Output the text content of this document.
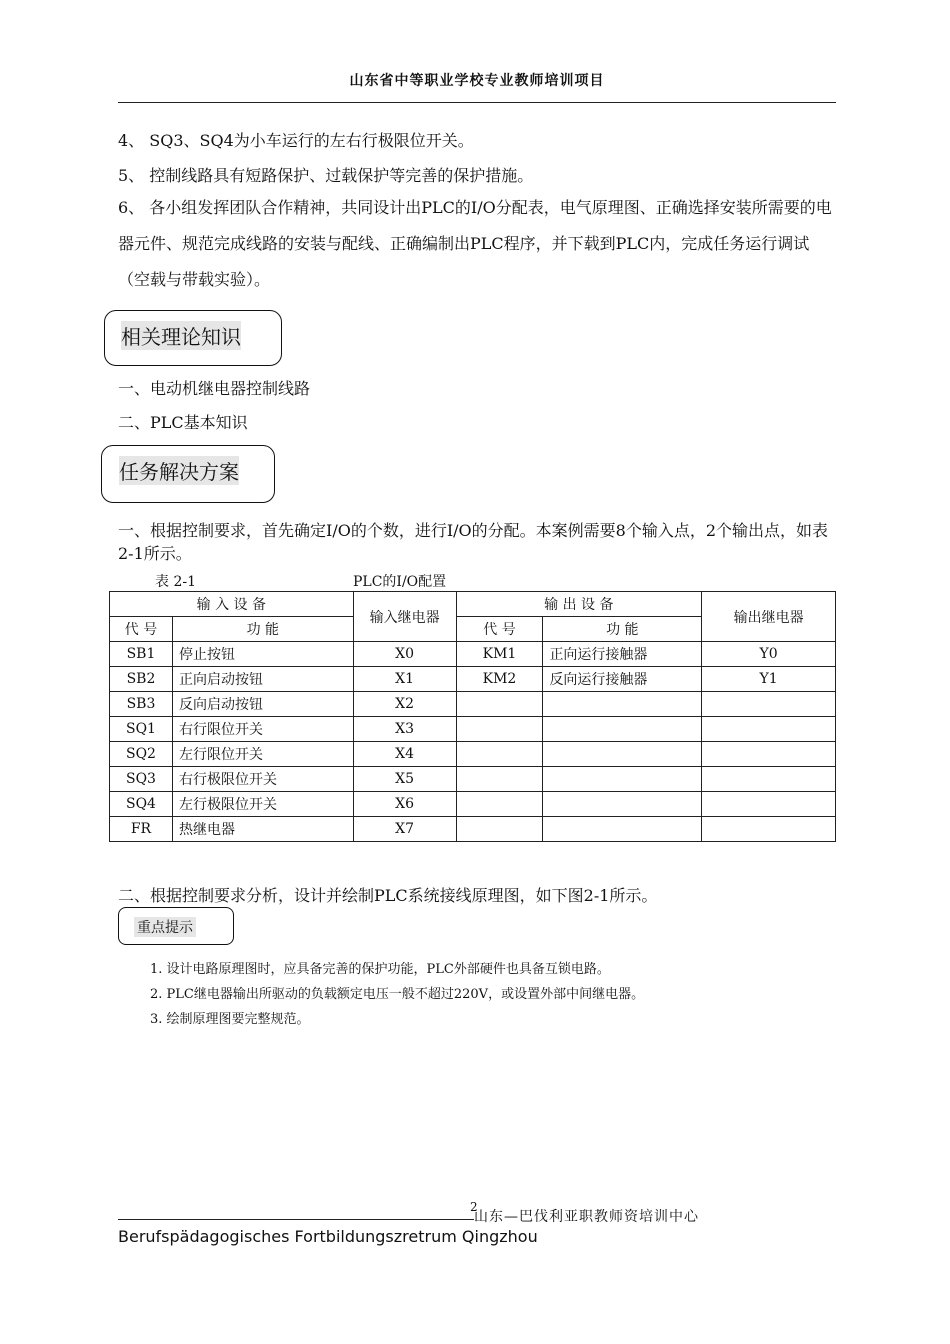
山东省中等职业学校专业教师培训项目
4、 SQ3、SQ4为小车运行的左右行极限位开关。
5、 控制线路具有短路保护、过载保护等完善的保护措施。
6、 各小组发挥团队合作精神，共同设计出PLC的I/O分配表，电气原理图、正确选择安装所需要的电器元件、规范完成线路的安装与配线、正确编制出PLC程序，并下载到PLC内，完成任务运行调试（空载与带载实验）。
相关理论知识
一、电动机继电器控制线路
二、PLC基本知识
任务解决方案
一、根据控制要求，首先确定I/O的个数，进行I/O的分配。本案例需要8个输入点，2个输出点，如表2-1所示。
表 2-1	PLC的I/O配置
输 入 设 备		输入继电器	输 出 设 备		输出继电器
代 号	功 能		代 号	功 能	
SB1	停止按钮	X0	KM1	正向运行接触器	Y0
SB2	正向启动按钮	X1	KM2	反向运行接触器	Y1
SB3	反向启动按钮	X2			
SQ1	右行限位开关	X3			
SQ2	左行限位开关	X4			
SQ3	右行极限位开关	X5			
SQ4	左行极限位开关	X6			
FR	热继电器	X7			
二、根据控制要求分析，设计并绘制PLC系统接线原理图，如下图2-1所示。
重点提示
1. 设计电路原理图时，应具备完善的保护功能，PLC外部硬件也具备互锁电路。
2. PLC继电器输出所驱动的负载额定电压一般不超过220V，或设置外部中间继电器。
3. 绘制原理图要完整规范。
2
山东—巴伐利亚职教师资培训中心
Berufspädagogisches Fortbildungszretrum Qingzhou
